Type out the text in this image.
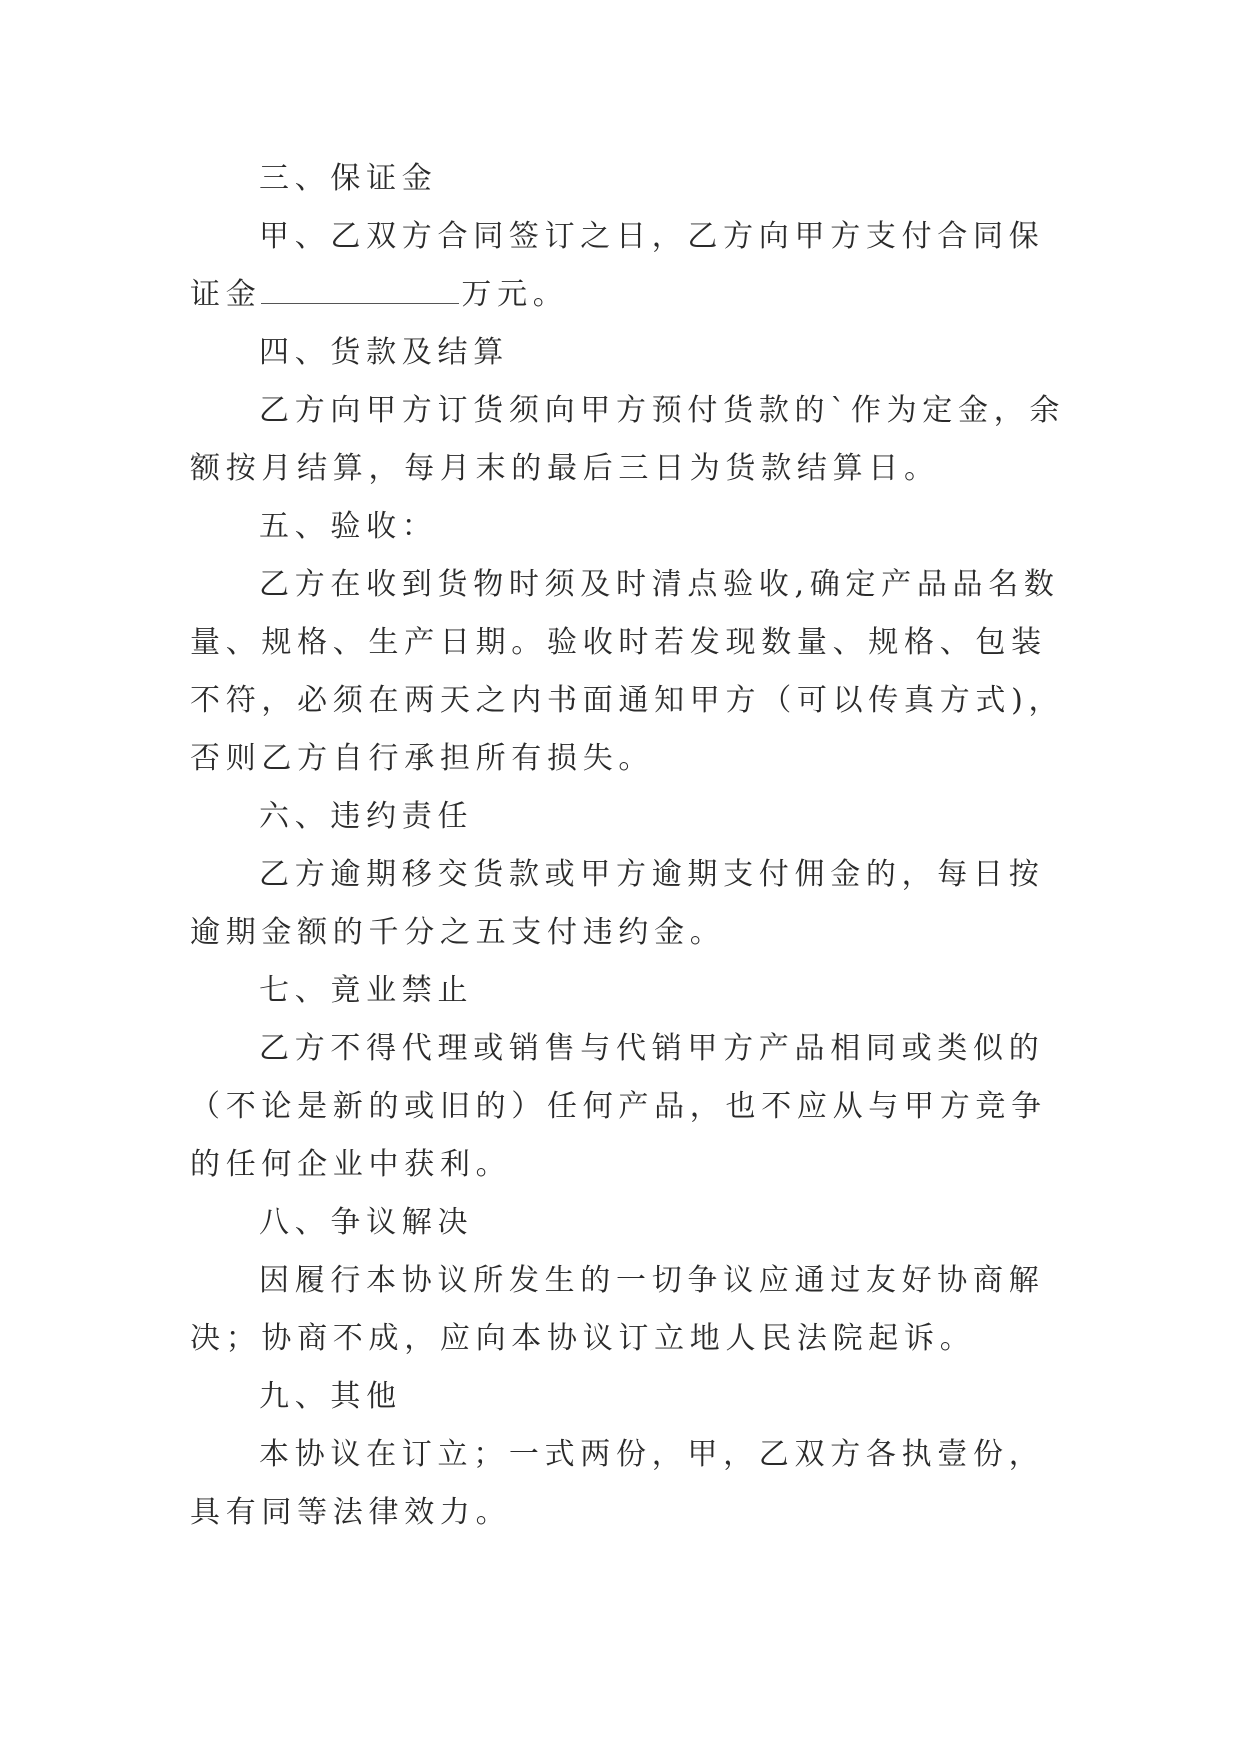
三、保证金
甲、乙双方合同签订之日，乙方向甲方支付合同保证金	万元。
四、货款及结算
乙方向甲方订货须向甲方预付货款的`作为定金，余额按月结算，每月末的最后三日为货款结算日。
五、验收：
乙方在收到货物时须及时清点验收,确定产品品名数量、规格、生产日期。验收时若发现数量、规格、包装不符，必须在两天之内书面通知甲方（可以传真方式)，否则乙方自行承担所有损失。
六、违约责任
乙方逾期移交货款或甲方逾期支付佣金的，每日按逾期金额的千分之五支付违约金。
七、竟业禁止
乙方不得代理或销售与代销甲方产品相同或类似的（不论是新的或旧的）任何产品，也不应从与甲方竞争的任何企业中获利。
八、争议解决
因履行本协议所发生的一切争议应通过友好协商解决；协商不成，应向本协议订立地人民法院起诉。
九、其他
本协议在订立；一式两份，甲，乙双方各执壹份，具有同等法律效力。
